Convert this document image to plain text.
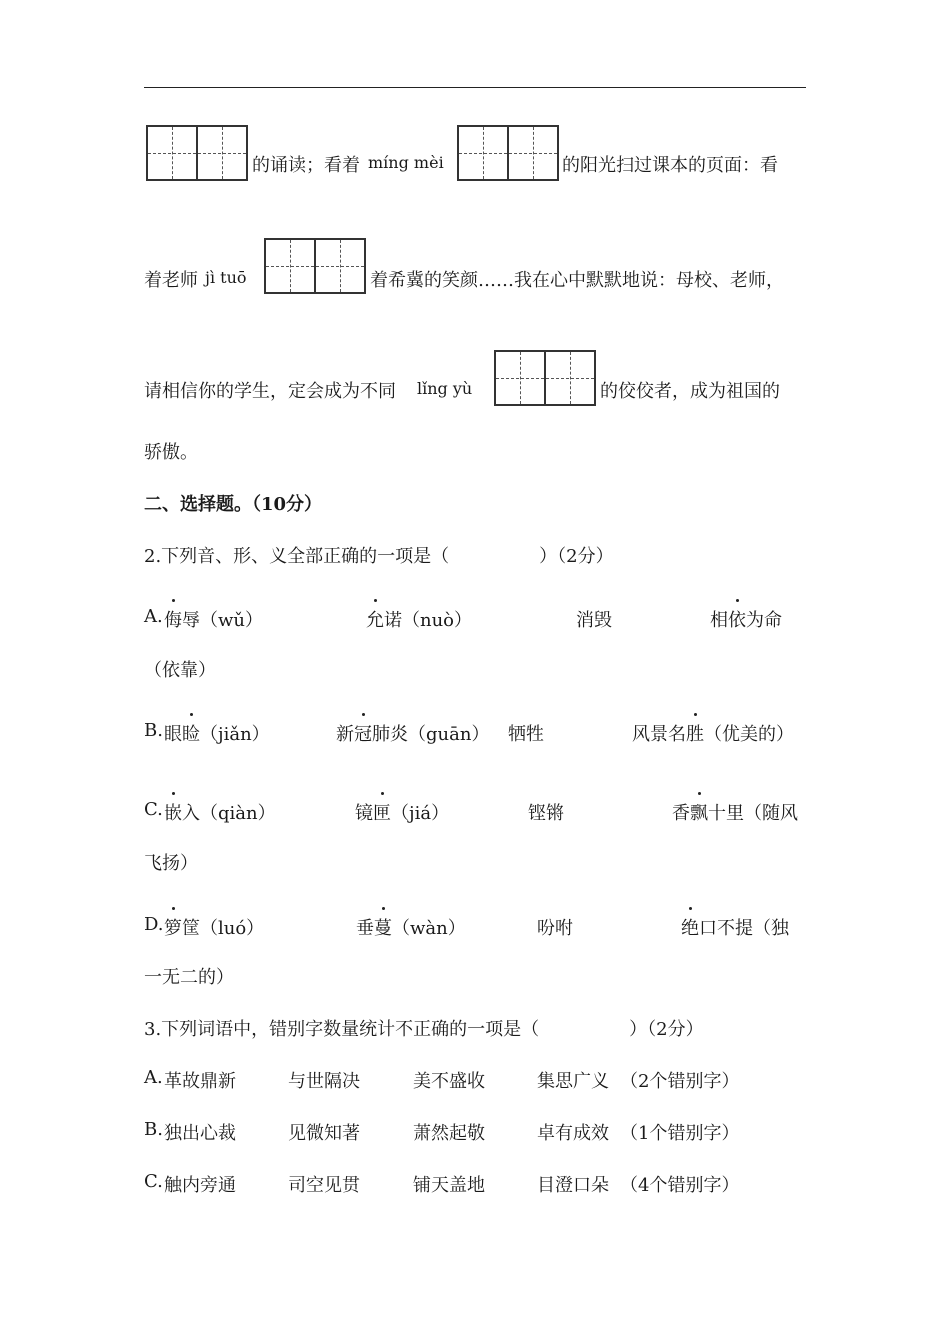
的诵读；看着 míng mèi	的阳光扫过课本的页面：看
着老师 jì tuō	着希冀的笑颜……我在心中默默地说：母校、老师，
请相信你的学生，定会成为不同 lǐng yù	的佼佼者，成为祖国的
骄傲。
二、选择题。（10分）
2.下列音、形、义全部正确的一项是（　　　　　）（2分）
A. 侮辱（wǔ）	允诺（nuò）	消毁	相依为命
（依靠）
B. 眼睑（jiǎn）	新冠肺炎（guān） 牺牲	风景名胜（优美的）
C. 嵌入（qiàn）	镜匣（jiá）	铿锵	香飘十里（随风
飞扬）
D. 箩筐（luó）	垂蔓（wàn）	吩咐	绝口不提（独
一无二的）
3.下列词语中，错别字数量统计不正确的一项是（　　　　　）（2分）
A. 革故鼎新	与世隔决	美不盛收	集思广义 （2个错别字）
B. 独出心裁	见微知著	萧然起敬	卓有成效 （1个错别字）
C. 触内旁通	司空见贯	铺天盖地	目澄口朵 （4个错别字）
